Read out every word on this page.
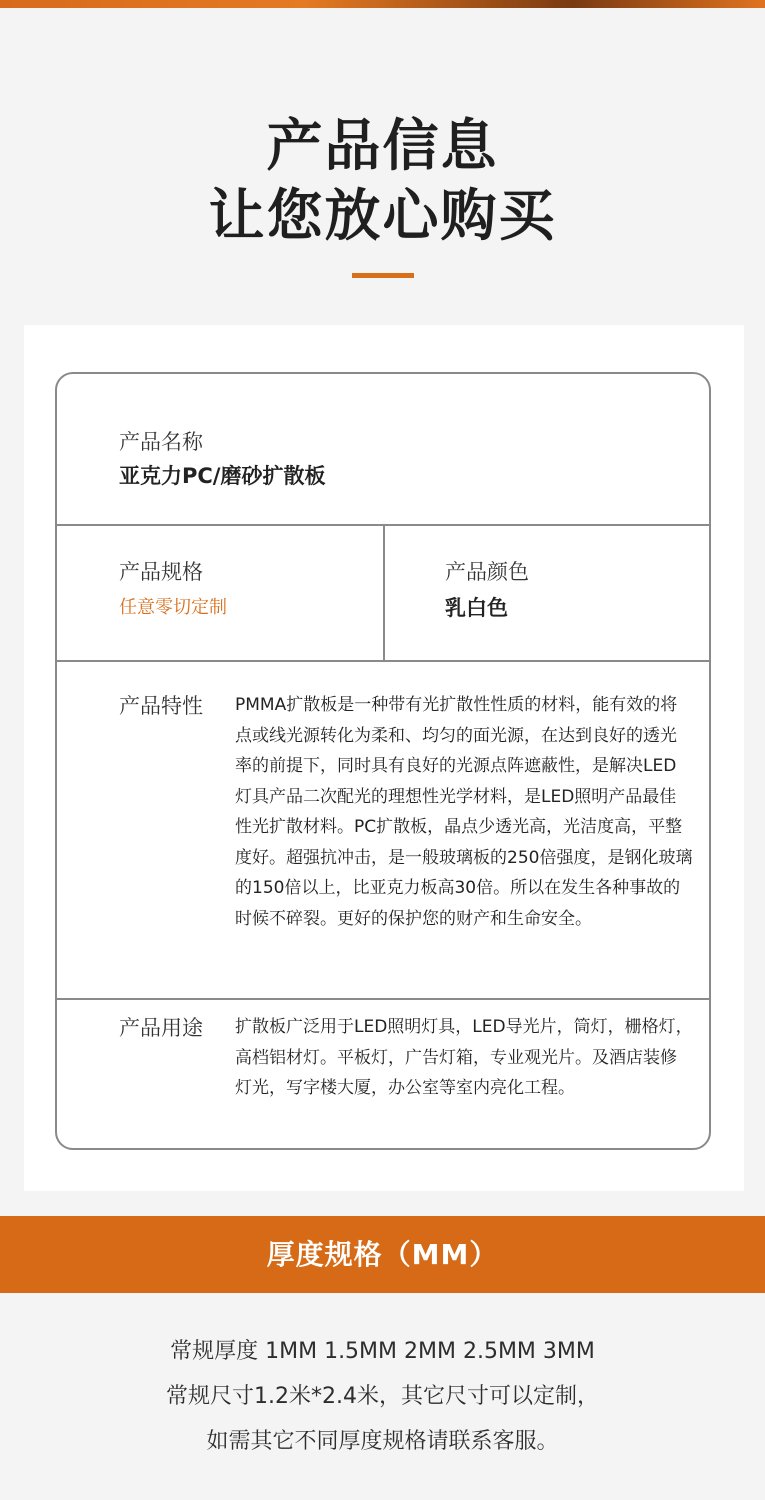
产品信息
让您放心购买
产品名称
亚克力PC/磨砂扩散板
产品规格
任意零切定制
产品颜色
乳白色
产品特性 PMMA扩散板是一种带有光扩散性性质的材料，能有效的将点或线光源转化为柔和、均匀的面光源，在达到良好的透光率的前提下，同时具有良好的光源点阵遮蔽性，是解决LED灯具产品二次配光的理想性光学材料，是LED照明产品最佳性光扩散材料。PC扩散板，晶点少透光高，光洁度高，平整度好。超强抗冲击，是一般玻璃板的250倍强度，是钢化玻璃的150倍以上，比亚克力板高30倍。所以在发生各种事故的时候不碎裂。更好的保护您的财产和生命安全。
产品用途 扩散板广泛用于LED照明灯具，LED导光片，筒灯，栅格灯，高档铝材灯。平板灯，广告灯箱，专业观光片。及酒店装修灯光，写字楼大厦，办公室等室内亮化工程。
厚度规格（MM）
常规厚度 1MM 1.5MM 2MM 2.5MM 3MM
常规尺寸1.2米*2.4米，其它尺寸可以定制，
如需其它不同厚度规格请联系客服。
